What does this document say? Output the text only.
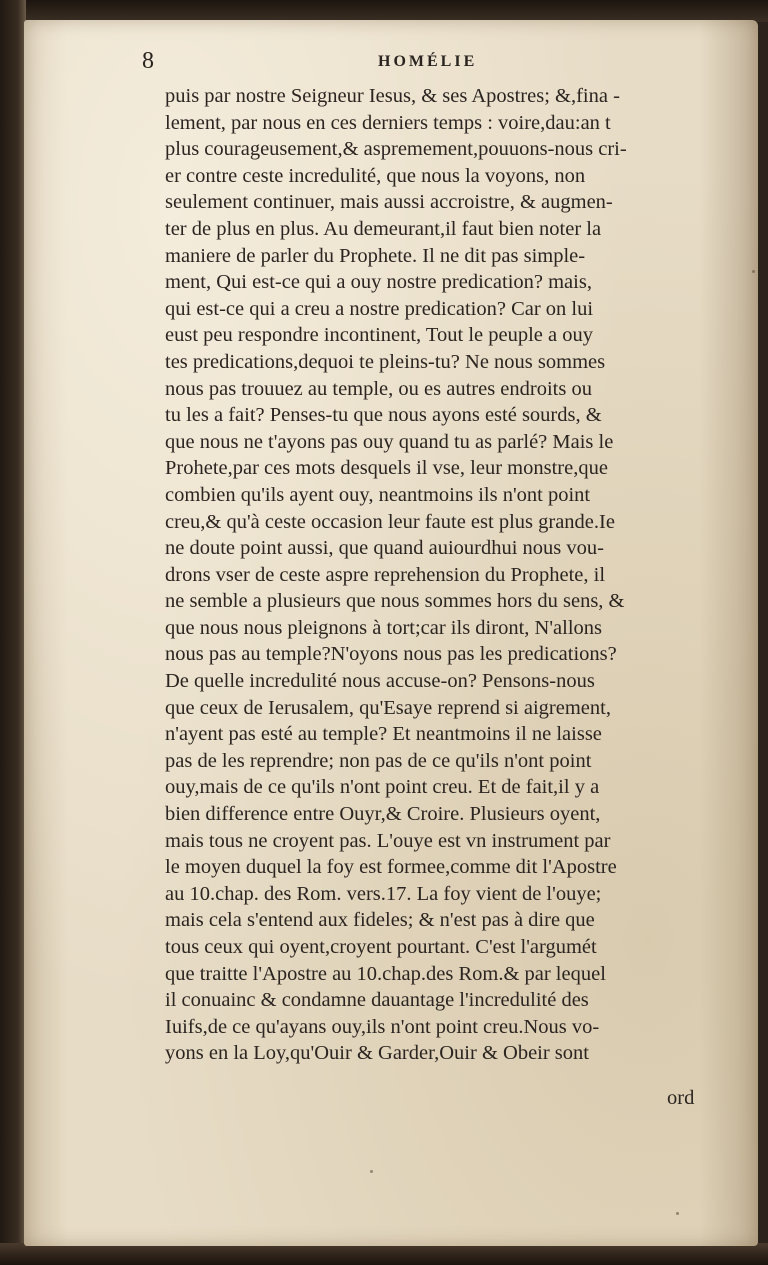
8	HOMÉLIE
puis par nostre Seigneur Iesus, & ses Apostres; &,fina -
lement, par nous en ces derniers temps : voire,dau:an t
plus courageusement,& aspremement,pouuons-nous cri-
er contre ceste incredulité, que nous la voyons, non
seulement continuer, mais aussi accroistre, & augmen-
ter de plus en plus. Au demeurant,il faut bien noter la
maniere de parler du Prophete. Il ne dit pas simple-
ment, Qui est-ce qui a ouy nostre predication? mais,
qui est-ce qui a creu a nostre predication? Car on lui
eust peu respondre incontinent, Tout le peuple a ouy
tes predications,dequoi te pleins-tu? Ne nous sommes
nous pas trouuez au temple, ou es autres endroits ou
tu les a fait? Penses-tu que nous ayons esté sourds, &
que nous ne t'ayons pas ouy quand tu as parlé? Mais le
Prohete,par ces mots desquels il vse, leur monstre,que
combien qu'ils ayent ouy, neantmoins ils n'ont point
creu,& qu'à ceste occasion leur faute est plus grande.Ie
ne doute point aussi, que quand auiourdhui nous vou-
drons vser de ceste aspre reprehension du Prophete, il
ne semble a plusieurs que nous sommes hors du sens, &
que nous nous pleignons à tort;car ils diront, N'allons
nous pas au temple?N'oyons nous pas les predications?
De quelle incredulité nous accuse-on? Pensons-nous
que ceux de Ierusalem, qu'Esaye reprend si aigrement,
n'ayent pas esté au temple? Et neantmoins il ne laisse
pas de les reprendre; non pas de ce qu'ils n'ont point
ouy,mais de ce qu'ils n'ont point creu. Et de fait,il y a
bien difference entre Ouyr,& Croire. Plusieurs oyent,
mais tous ne croyent pas. L'ouye est vn instrument par
le moyen duquel la foy est formee,comme dit l'Apostre
au 10.chap. des Rom. vers.17. La foy vient de l'ouye;
mais cela s'entend aux fideles; & n'est pas à dire que
tous ceux qui oyent,croyent pourtant. C'est l'argumét
que traitte l'Apostre au 10.chap.des Rom.& par lequel
il conuainc & condamne dauantage l'incredulité des
Iuifs,de ce qu'ayans ouy,ils n'ont point creu.Nous vo-
yons en la Loy,qu'Ouir & Garder,Ouir & Obeir sont
ord
